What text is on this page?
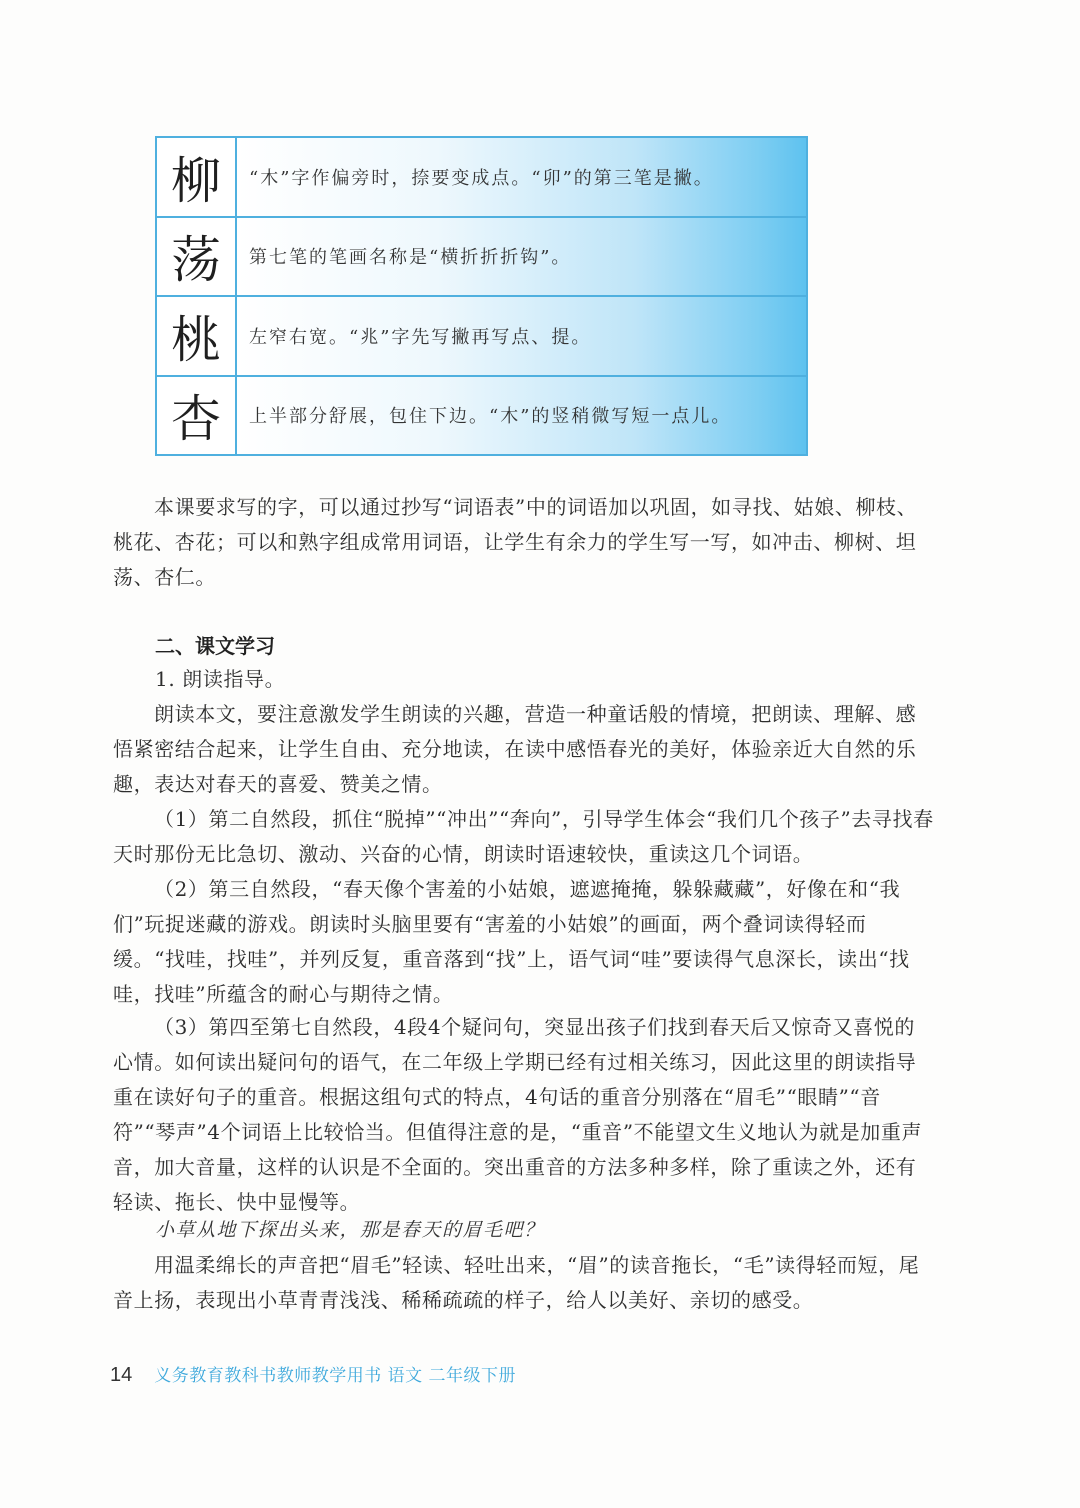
柳	“木”字作偏旁时，捺要变成点。“卯”的第三笔是撇。
荡	第七笔的笔画名称是“横折折折钩”。
桃	左窄右宽。“兆”字先写撇再写点、提。
杏	上半部分舒展，包住下边。“木”的竖稍微写短一点儿。

本课要求写的字，可以通过抄写“词语表”中的词语加以巩固，如寻找、姑娘、柳枝、桃花、杏花；可以和熟字组成常用词语，让学生有余力的学生写一写，如冲击、柳树、坦荡、杏仁。

二、课文学习

1. 朗读指导。

朗读本文，要注意激发学生朗读的兴趣，营造一种童话般的情境，把朗读、理解、感悟紧密结合起来，让学生自由、充分地读，在读中感悟春光的美好，体验亲近大自然的乐趣，表达对春天的喜爱、赞美之情。

（1）第二自然段，抓住“脱掉”“冲出”“奔向”，引导学生体会“我们几个孩子”去寻找春天时那份无比急切、激动、兴奋的心情，朗读时语速较快，重读这几个词语。

（2）第三自然段，“春天像个害羞的小姑娘，遮遮掩掩，躲躲藏藏”，好像在和“我们”玩捉迷藏的游戏。朗读时头脑里要有“害羞的小姑娘”的画面，两个叠词读得轻而缓。“找哇，找哇”，并列反复，重音落到“找”上，语气词“哇”要读得气息深长，读出“找哇，找哇”所蕴含的耐心与期待之情。

（3）第四至第七自然段，4段4个疑问句，突显出孩子们找到春天后又惊奇又喜悦的心情。如何读出疑问句的语气，在二年级上学期已经有过相关练习，因此这里的朗读指导重在读好句子的重音。根据这组句式的特点，4句话的重音分别落在“眉毛”“眼睛”“音符”“琴声”4个词语上比较恰当。但值得注意的是，“重音”不能望文生义地认为就是加重声音，加大音量，这样的认识是不全面的。突出重音的方法多种多样，除了重读之外，还有轻读、拖长、快中显慢等。

小草从地下探出头来，那是春天的眉毛吧？

用温柔绵长的声音把“眉毛”轻读、轻吐出来，“眉”的读音拖长，“毛”读得轻而短，尾音上扬，表现出小草青青浅浅、稀稀疏疏的样子，给人以美好、亲切的感受。

14 义务教育教科书教师教学用书 语文 二年级下册
